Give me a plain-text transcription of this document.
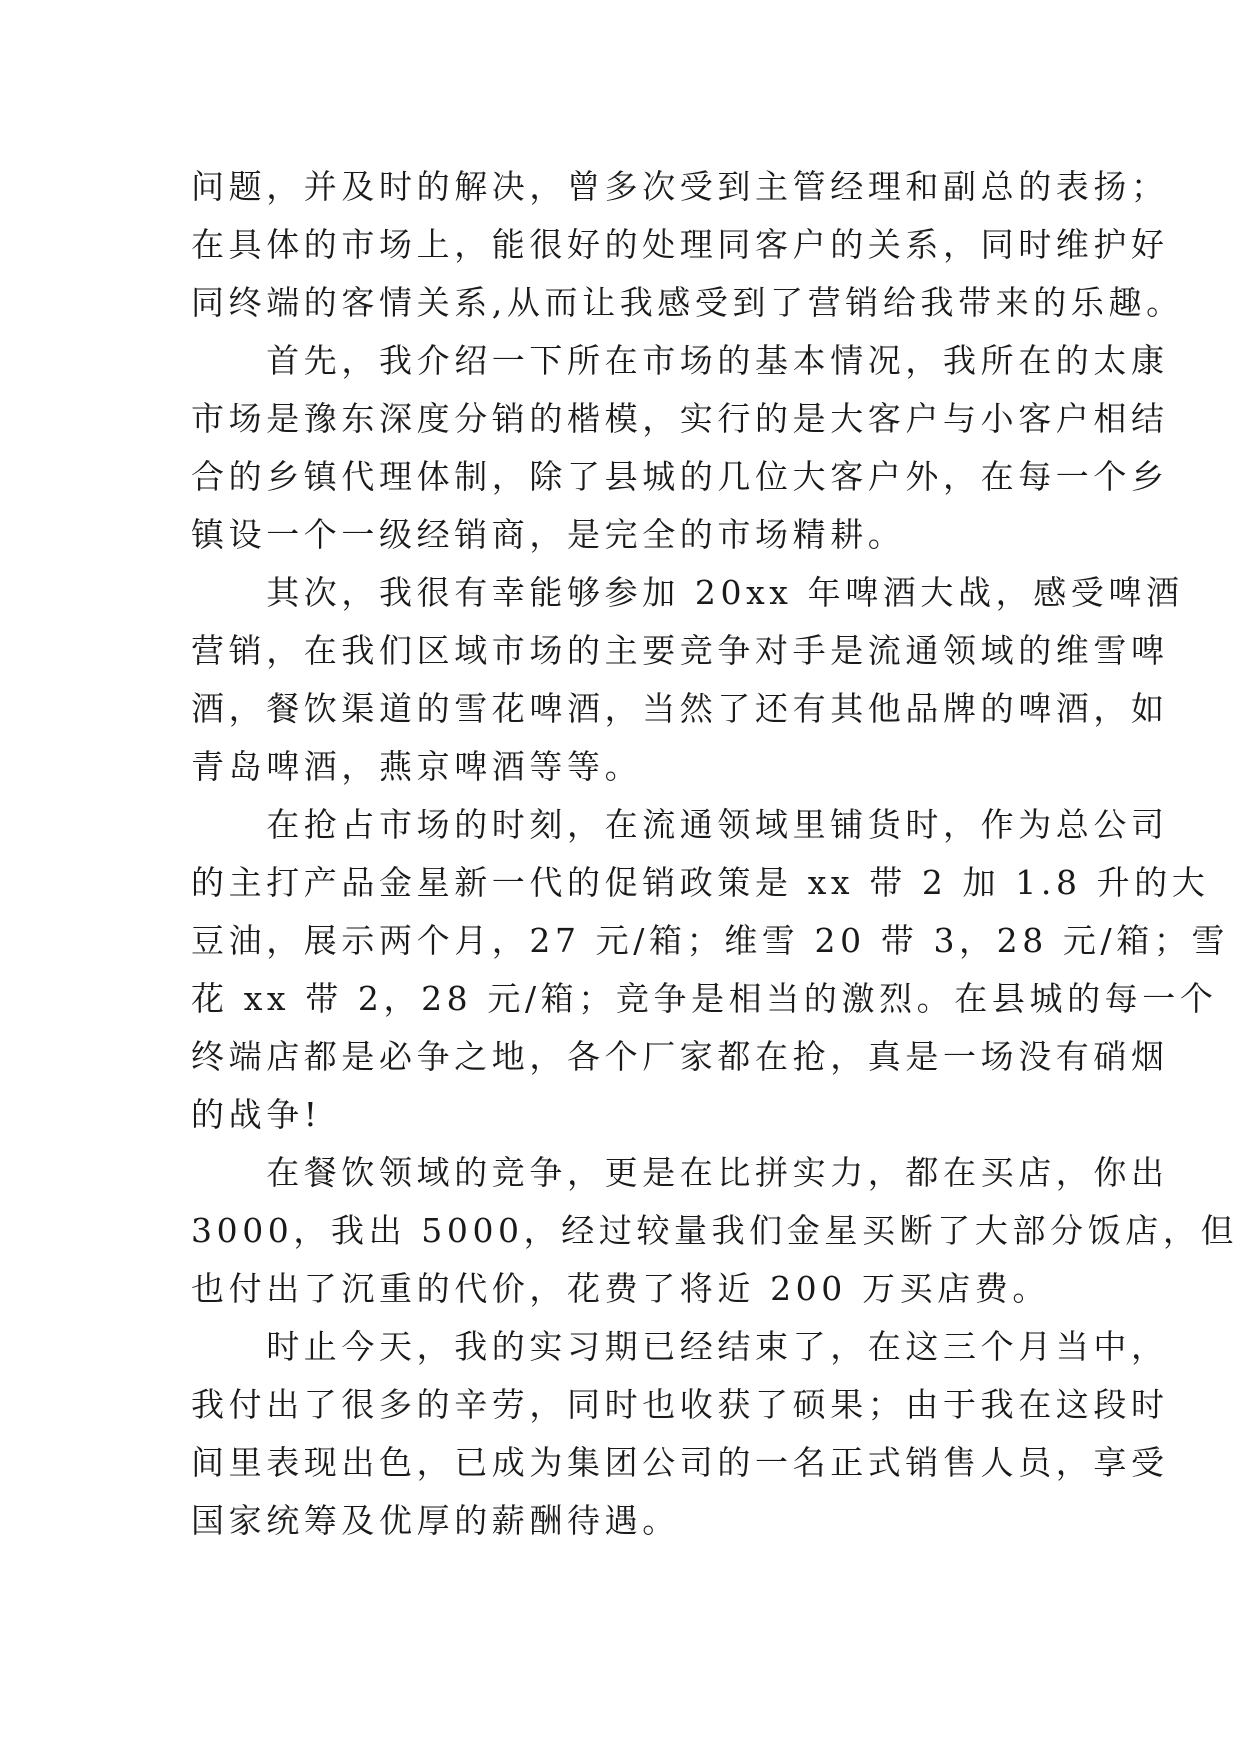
问题，并及时的解决，曾多次受到主管经理和副总的表扬；
在具体的市场上，能很好的处理同客户的关系，同时维护好
同终端的客情关系,从而让我感受到了营销给我带来的乐趣。
　　首先，我介绍一下所在市场的基本情况，我所在的太康
市场是豫东深度分销的楷模，实行的是大客户与小客户相结
合的乡镇代理体制，除了县城的几位大客户外，在每一个乡
镇设一个一级经销商，是完全的市场精耕。
　　其次，我很有幸能够参加 20xx 年啤酒大战，感受啤酒
营销，在我们区域市场的主要竞争对手是流通领域的维雪啤
酒，餐饮渠道的雪花啤酒，当然了还有其他品牌的啤酒，如
青岛啤酒，燕京啤酒等等。
　　在抢占市场的时刻，在流通领域里铺货时，作为总公司
的主打产品金星新一代的促销政策是 xx 带 2 加 1.8 升的大
豆油，展示两个月，27 元/箱；维雪 20 带 3，28 元/箱；雪
花 xx 带 2，28 元/箱；竞争是相当的激烈。在县城的每一个
终端店都是必争之地，各个厂家都在抢，真是一场没有硝烟
的战争!
　　在餐饮领域的竞争，更是在比拼实力，都在买店，你出
3000，我出 5000，经过较量我们金星买断了大部分饭店，但
也付出了沉重的代价，花费了将近 200 万买店费。
　　时止今天，我的实习期已经结束了，在这三个月当中，
我付出了很多的辛劳，同时也收获了硕果；由于我在这段时
间里表现出色，已成为集团公司的一名正式销售人员，享受
国家统筹及优厚的薪酬待遇。
